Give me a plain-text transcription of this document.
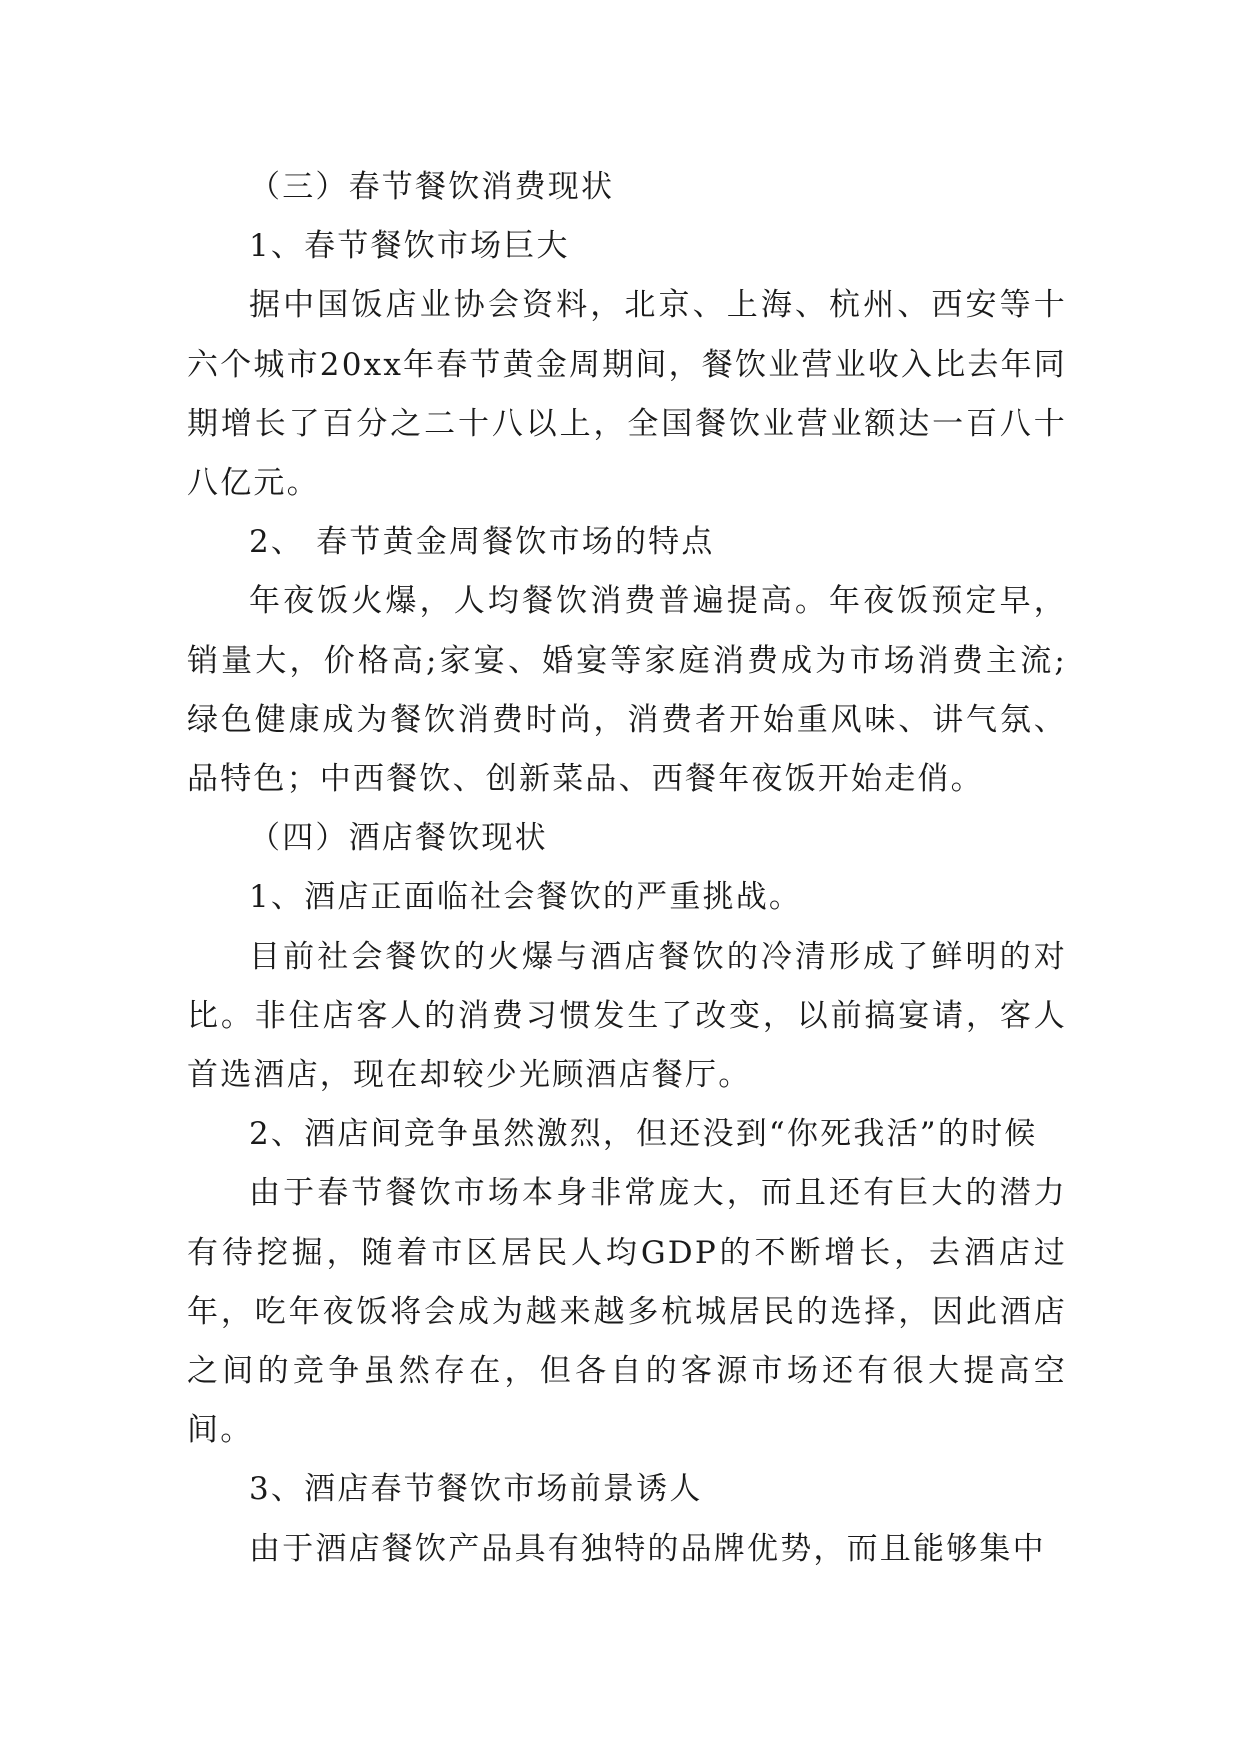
（三）春节餐饮消费现状

1、春节餐饮市场巨大

据中国饭店业协会资料，北京、上海、杭州、西安等十六个城市20xx年春节黄金周期间，餐饮业营业收入比去年同期增长了百分之二十八以上，全国餐饮业营业额达一百八十八亿元。

2、 春节黄金周餐饮市场的特点

年夜饭火爆，人均餐饮消费普遍提高。年夜饭预定早，销量大，价格高;家宴、婚宴等家庭消费成为市场消费主流;绿色健康成为餐饮消费时尚，消费者开始重风味、讲气氛、品特色；中西餐饮、创新菜品、西餐年夜饭开始走俏。

（四）酒店餐饮现状

1、酒店正面临社会餐饮的严重挑战。

目前社会餐饮的火爆与酒店餐饮的冷清形成了鲜明的对比。非住店客人的消费习惯发生了改变，以前搞宴请，客人首选酒店，现在却较少光顾酒店餐厅。

2、酒店间竞争虽然激烈，但还没到“你死我活”的时候

由于春节餐饮市场本身非常庞大，而且还有巨大的潜力有待挖掘，随着市区居民人均GDP的不断增长，去酒店过年，吃年夜饭将会成为越来越多杭城居民的选择，因此酒店之间的竞争虽然存在，但各自的客源市场还有很大提高空间。

3、酒店春节餐饮市场前景诱人

由于酒店餐饮产品具有独特的品牌优势，而且能够集中
